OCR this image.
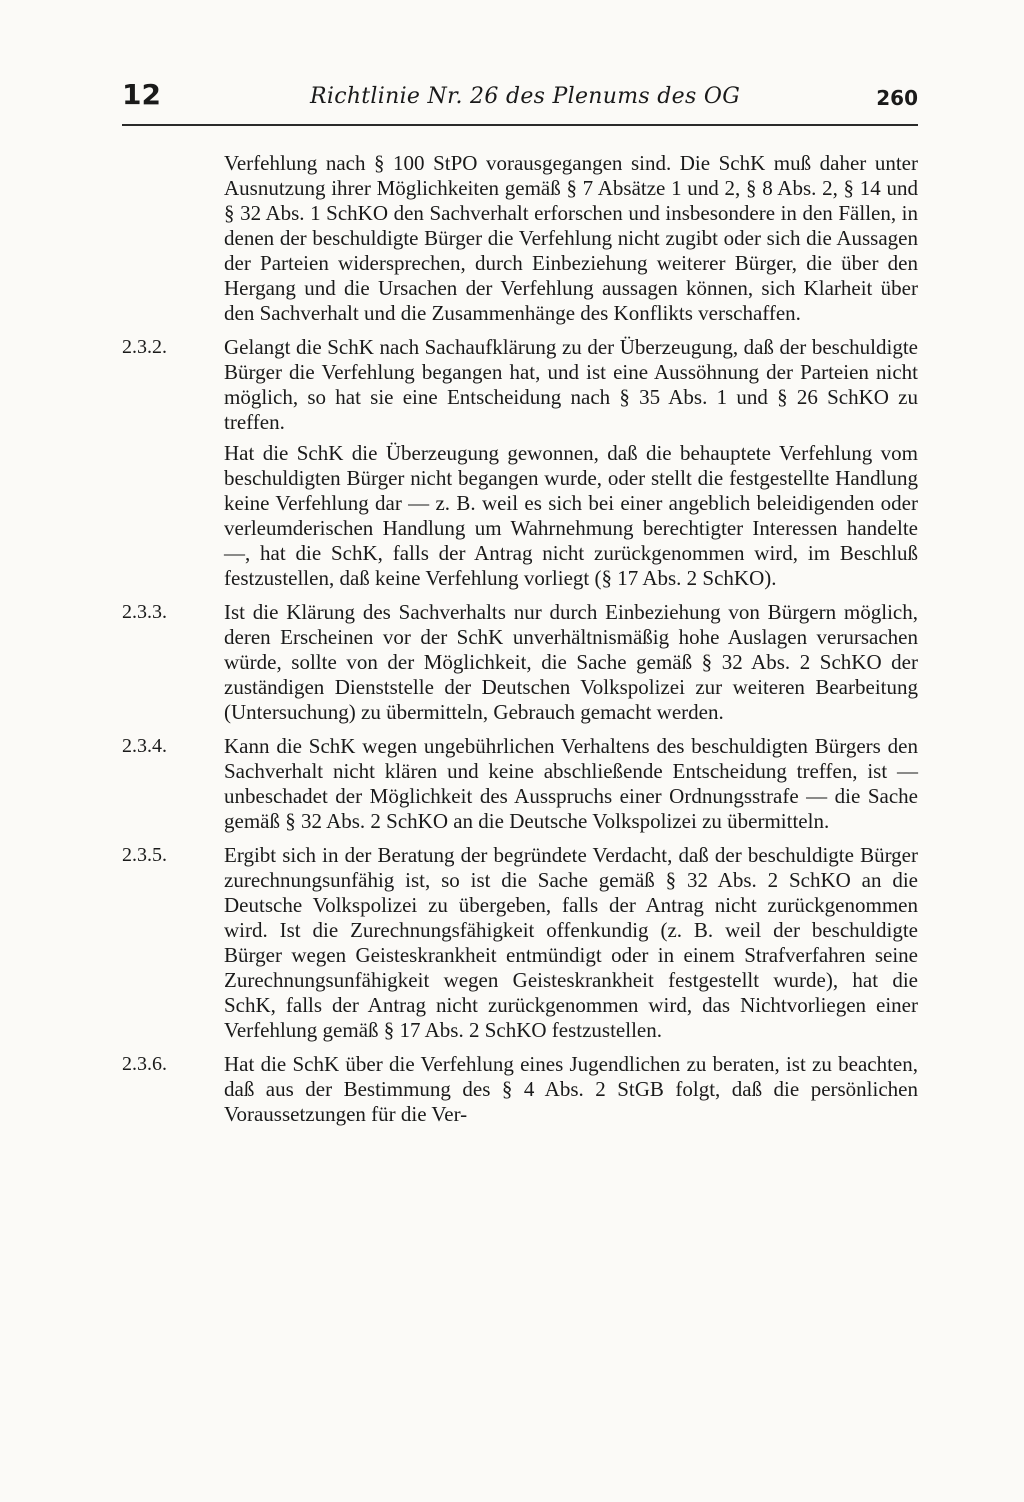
12	Richtlinie Nr. 26 des Plenums des OG	260

Verfehlung nach § 100 StPO vorausgegangen sind. Die SchK muß daher unter Ausnutzung ihrer Möglichkeiten gemäß § 7 Absätze 1 und 2, § 8 Abs. 2, § 14 und § 32 Abs. 1 SchKO den Sachverhalt erforschen und insbesondere in den Fällen, in denen der beschuldigte Bürger die Verfehlung nicht zugibt oder sich die Aussagen der Parteien widersprechen, durch Einbeziehung weiterer Bürger, die über den Hergang und die Ursachen der Verfehlung aussagen können, sich Klarheit über den Sachverhalt und die Zusammenhänge des Konflikts verschaffen.

2.3.2.	Gelangt die SchK nach Sachaufklärung zu der Überzeugung, daß der beschuldigte Bürger die Verfehlung begangen hat, und ist eine Aussöhnung der Parteien nicht möglich, so hat sie eine Entscheidung nach § 35 Abs. 1 und § 26 SchKO zu treffen.

Hat die SchK die Überzeugung gewonnen, daß die behauptete Verfehlung vom beschuldigten Bürger nicht begangen wurde, oder stellt die festgestellte Handlung keine Verfehlung dar — z. B. weil es sich bei einer angeblich beleidigenden oder verleumderischen Handlung um Wahrnehmung berechtigter Interessen handelte —, hat die SchK, falls der Antrag nicht zurückgenommen wird, im Beschluß festzustellen, daß keine Verfehlung vorliegt (§ 17 Abs. 2 SchKO).

2.3.3.	Ist die Klärung des Sachverhalts nur durch Einbeziehung von Bürgern möglich, deren Erscheinen vor der SchK unverhältnismäßig hohe Auslagen verursachen würde, sollte von der Möglichkeit, die Sache gemäß § 32 Abs. 2 SchKO der zuständigen Dienststelle der Deutschen Volkspolizei zur weiteren Bearbeitung (Untersuchung) zu übermitteln, Gebrauch gemacht werden.

2.3.4.	Kann die SchK wegen ungebührlichen Verhaltens des beschuldigten Bürgers den Sachverhalt nicht klären und keine abschließende Entscheidung treffen, ist — unbeschadet der Möglichkeit des Ausspruchs einer Ordnungsstrafe — die Sache gemäß § 32 Abs. 2 SchKO an die Deutsche Volkspolizei zu übermitteln.

2.3.5.	Ergibt sich in der Beratung der begründete Verdacht, daß der beschuldigte Bürger zurechnungsunfähig ist, so ist die Sache gemäß § 32 Abs. 2 SchKO an die Deutsche Volkspolizei zu übergeben, falls der Antrag nicht zurückgenommen wird. Ist die Zurechnungsfähigkeit offenkundig (z. B. weil der beschuldigte Bürger wegen Geisteskrankheit entmündigt oder in einem Strafverfahren seine Zurechnungsunfähigkeit wegen Geisteskrankheit festgestellt wurde), hat die SchK, falls der Antrag nicht zurückgenommen wird, das Nichtvorliegen einer Verfehlung gemäß § 17 Abs. 2 SchKO festzustellen.

2.3.6.	Hat die SchK über die Verfehlung eines Jugendlichen zu beraten, ist zu beachten, daß aus der Bestimmung des § 4 Abs. 2 StGB folgt, daß die persönlichen Voraussetzungen für die Ver-
